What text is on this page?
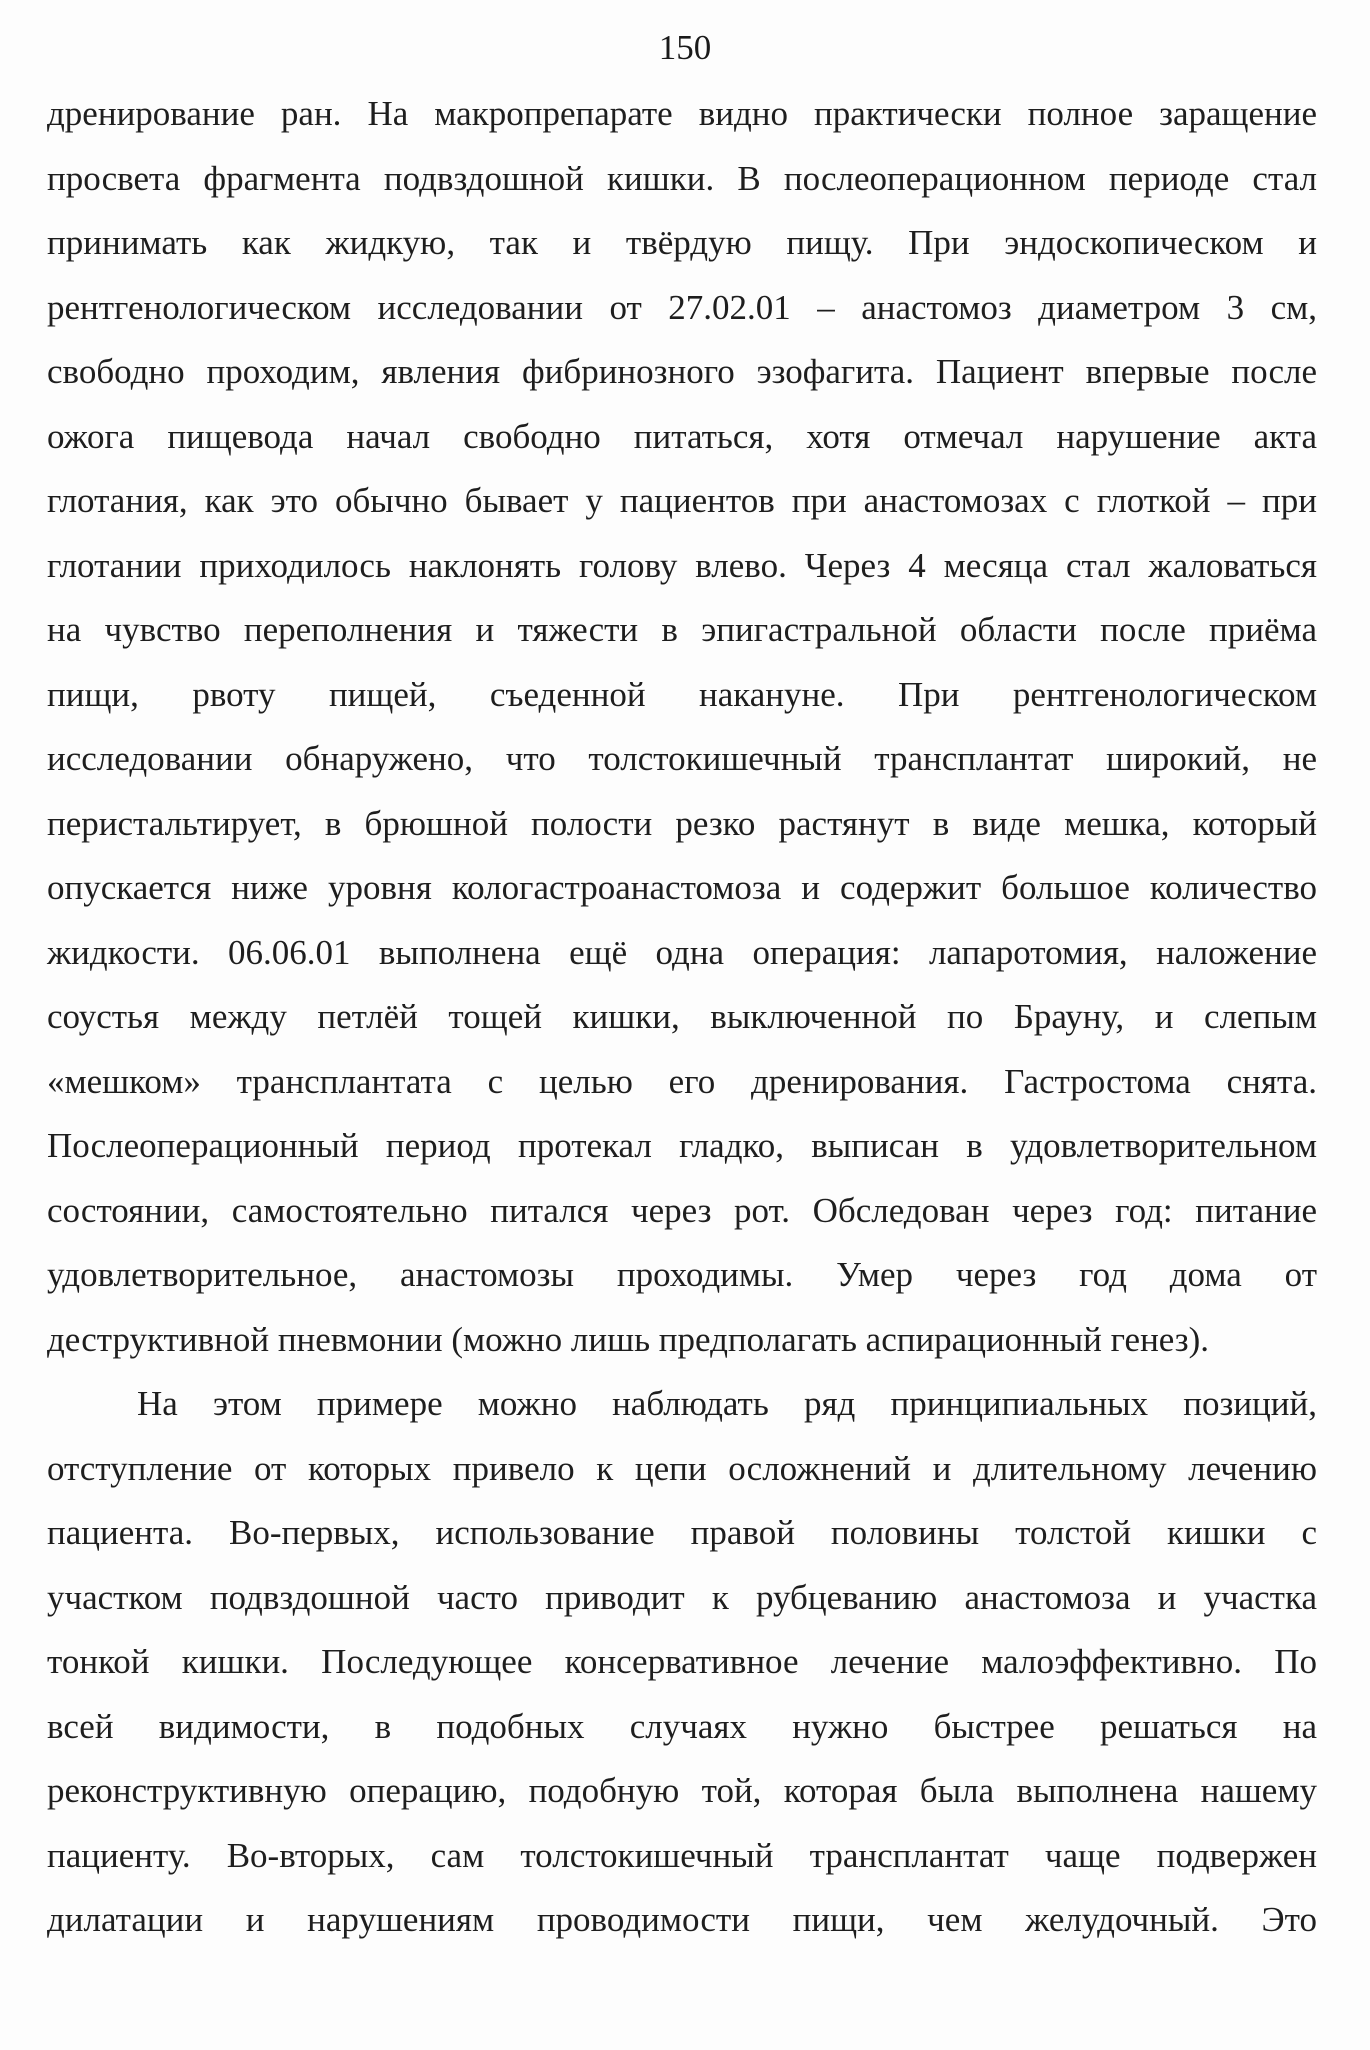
150
дренирование ран. На макропрепарате видно практически полное заращение
просвета фрагмента подвздошной кишки. В послеоперационном периоде стал
принимать как жидкую, так и твёрдую пищу. При эндоскопическом и
рентгенологическом исследовании от 27.02.01 – анастомоз диаметром 3 см,
свободно проходим, явления фибринозного эзофагита. Пациент впервые после
ожога пищевода начал свободно питаться, хотя отмечал нарушение акта
глотания, как это обычно бывает у пациентов при анастомозах с глоткой – при
глотании приходилось наклонять голову влево. Через 4 месяца стал жаловаться
на чувство переполнения и тяжести в эпигастральной области после приёма
пищи, рвоту пищей, съеденной накануне. При рентгенологическом
исследовании обнаружено, что толстокишечный трансплантат широкий, не
перистальтирует, в брюшной полости резко растянут в виде мешка, который
опускается ниже уровня кологастроанастомоза и содержит большое количество
жидкости. 06.06.01 выполнена ещё одна операция: лапаротомия, наложение
соустья между петлёй тощей кишки, выключенной по Брауну, и слепым
«мешком» трансплантата с целью его дренирования. Гастростома снята.
Послеоперационный период протекал гладко, выписан в удовлетворительном
состоянии, самостоятельно питался через рот. Обследован через год: питание
удовлетворительное, анастомозы проходимы. Умер через год дома от
деструктивной пневмонии (можно лишь предполагать аспирационный генез).
На этом примере можно наблюдать ряд принципиальных позиций,
отступление от которых привело к цепи осложнений и длительному лечению
пациента. Во-первых, использование правой половины толстой кишки с
участком подвздошной часто приводит к рубцеванию анастомоза и участка
тонкой кишки. Последующее консервативное лечение малоэффективно. По
всей видимости, в подобных случаях нужно быстрее решаться на
реконструктивную операцию, подобную той, которая была выполнена нашему
пациенту. Во-вторых, сам толстокишечный трансплантат чаще подвержен
дилатации и нарушениям проводимости пищи, чем желудочный. Это
